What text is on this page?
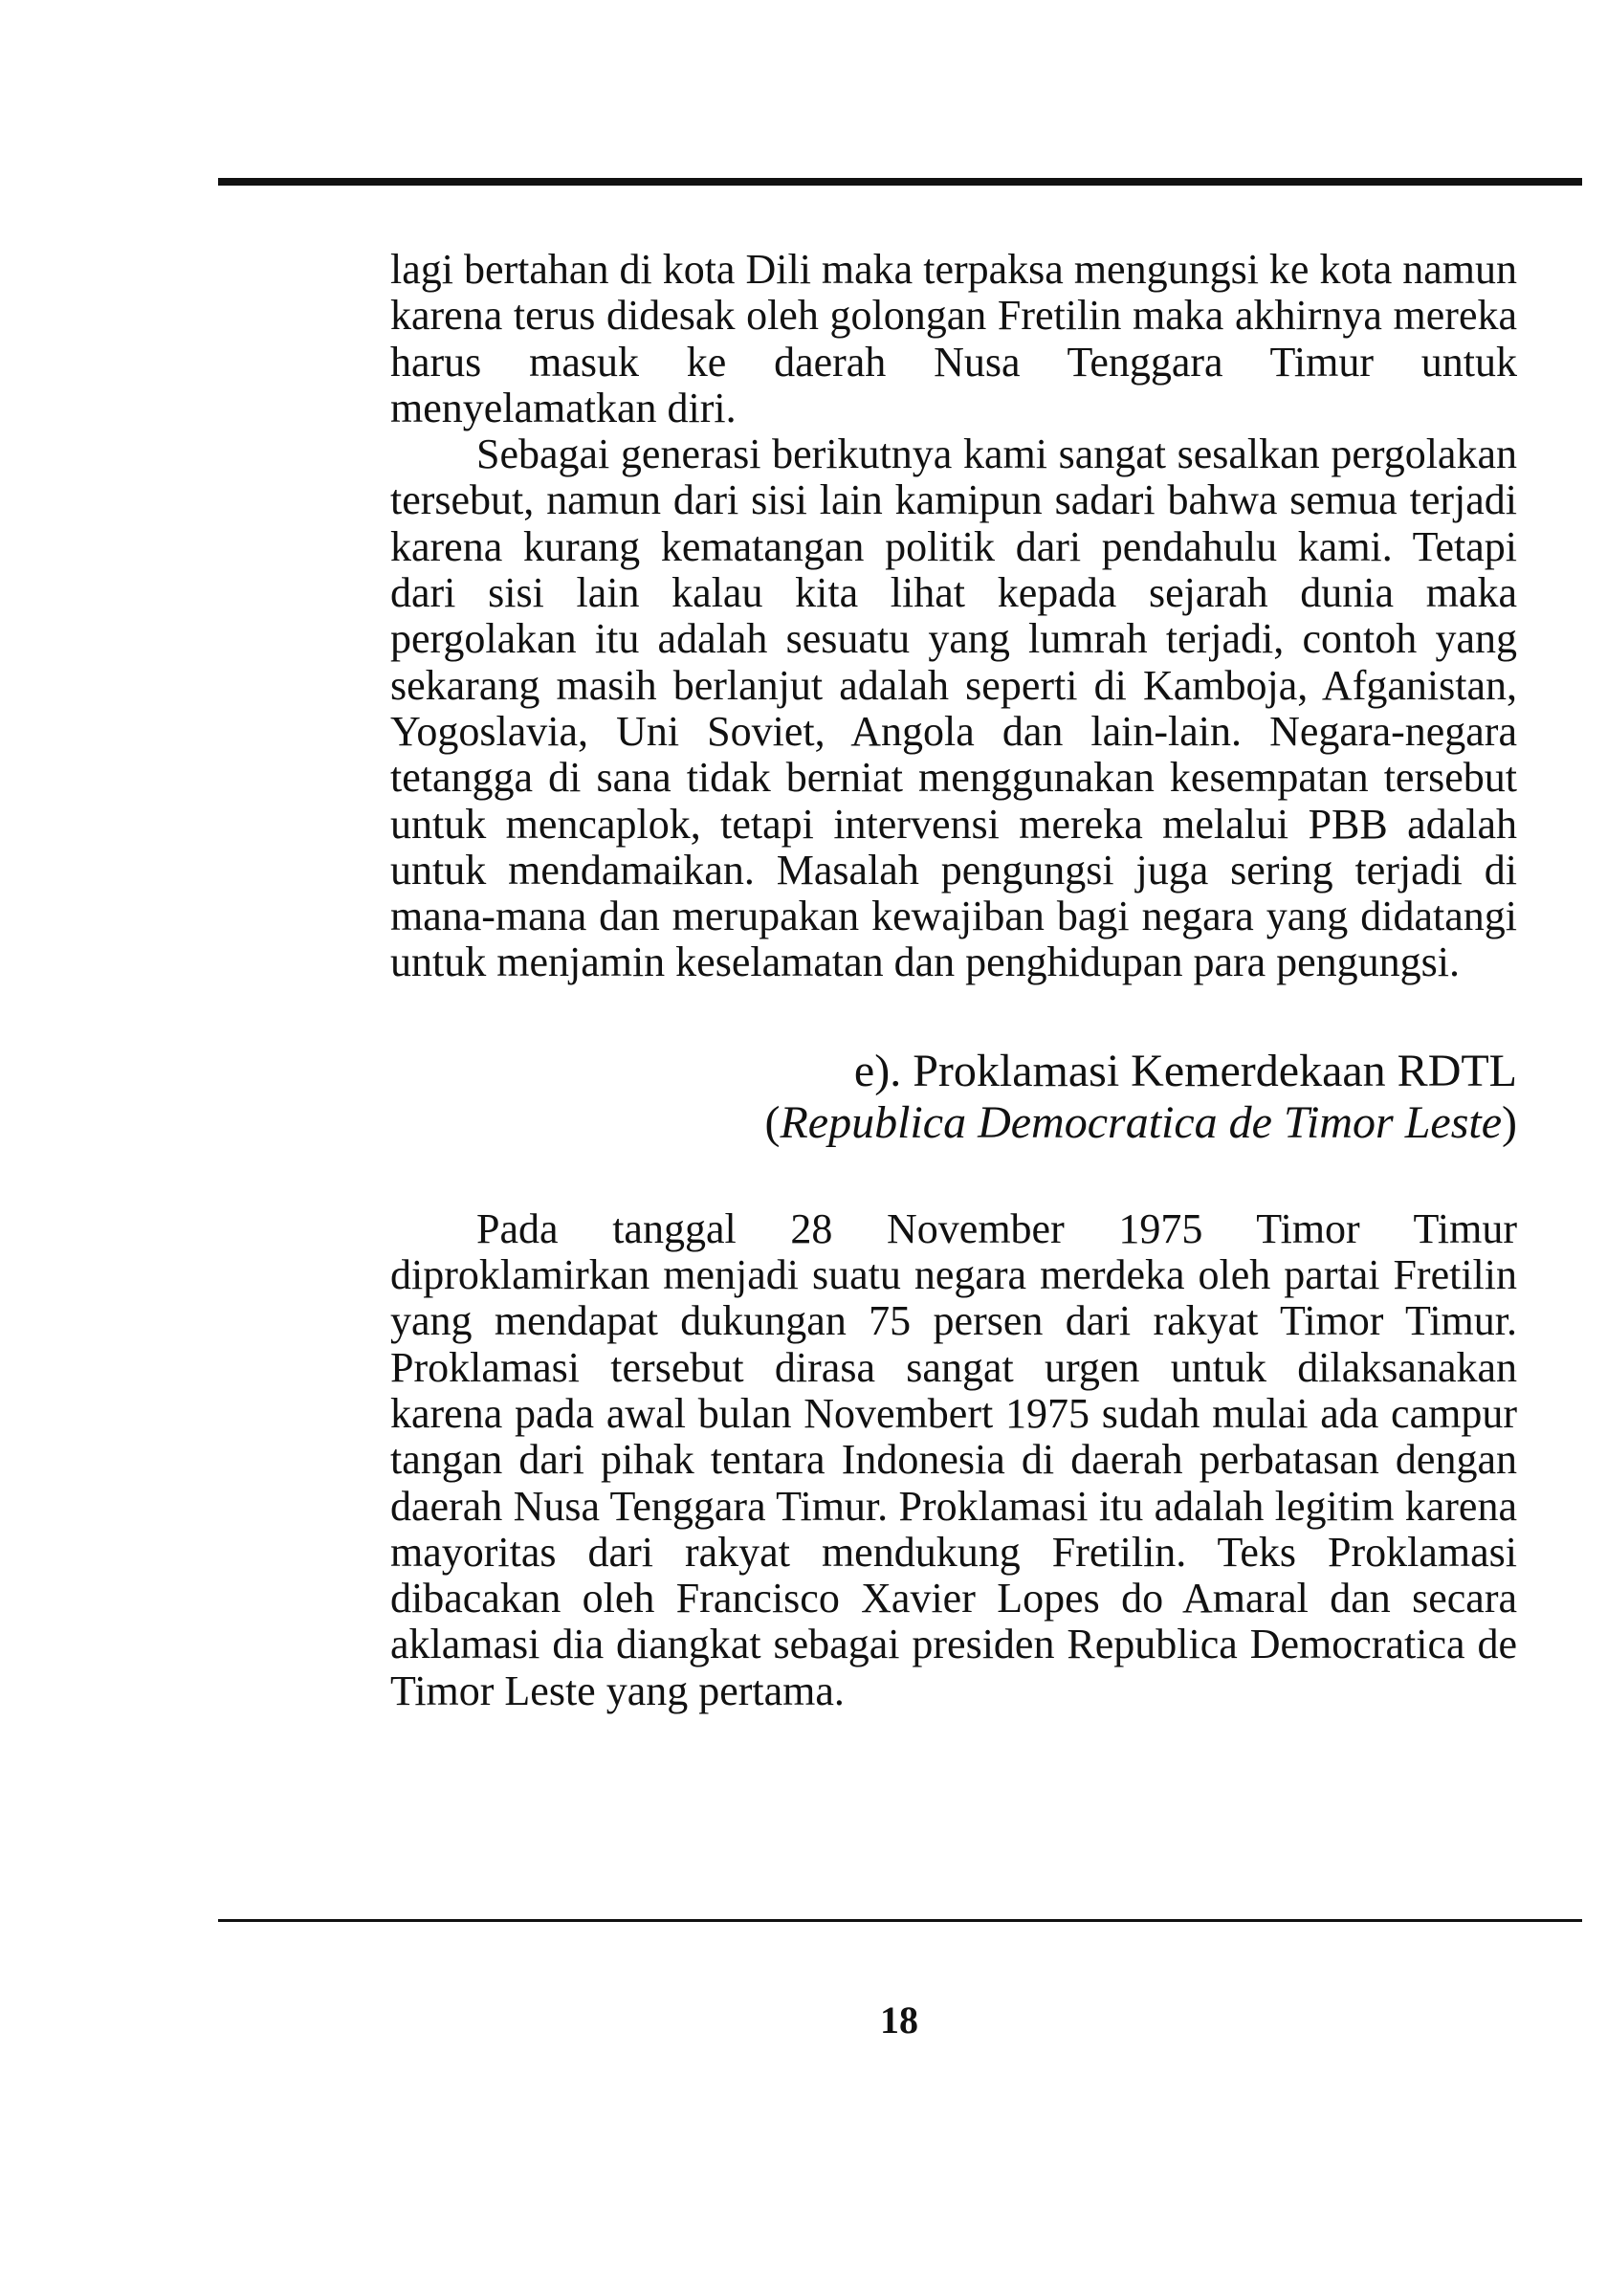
lagi bertahan di kota Dili maka terpaksa mengungsi ke kota namun karena terus didesak oleh golongan Fretilin maka akhirnya mereka harus masuk ke daerah Nusa Tenggara Timur untuk menyelamatkan diri.

Sebagai generasi berikutnya kami sangat sesalkan pergolakan tersebut, namun dari sisi lain kamipun sadari bahwa semua terjadi karena kurang kematangan politik dari pendahulu kami. Tetapi dari sisi lain kalau kita lihat kepada sejarah dunia maka pergolakan itu adalah sesuatu yang lumrah terjadi, contoh yang sekarang masih berlanjut adalah seperti di Kamboja, Afganistan, Yogoslavia, Uni Soviet, Angola dan lain-lain. Negara-negara tetangga di sana tidak berniat menggunakan kesempatan tersebut untuk mencaplok, tetapi intervensi mereka melalui PBB adalah untuk mendamaikan. Masalah pengungsi juga sering terjadi di mana-mana dan merupakan kewajiban bagi negara yang didatangi untuk menjamin keselamatan dan penghidupan para pengungsi.

e). Proklamasi Kemerdekaan RDTL
(Republica Democratica de Timor Leste)

Pada tanggal 28 November 1975 Timor Timur diproklamirkan menjadi suatu negara merdeka oleh partai Fretilin yang mendapat dukungan 75 persen dari rakyat Timor Timur. Proklamasi tersebut dirasa sangat urgen untuk dilaksanakan karena pada awal bulan Novembert 1975 sudah mulai ada campur tangan dari pihak tentara Indonesia di daerah perbatasan dengan daerah Nusa Tenggara Timur. Proklamasi itu adalah legitim karena mayoritas dari rakyat mendukung Fretilin. Teks Proklamasi dibacakan oleh Francisco Xavier Lopes do Amaral dan secara aklamasi dia diangkat sebagai presiden Republica Democratica de Timor Leste yang pertama.

18
